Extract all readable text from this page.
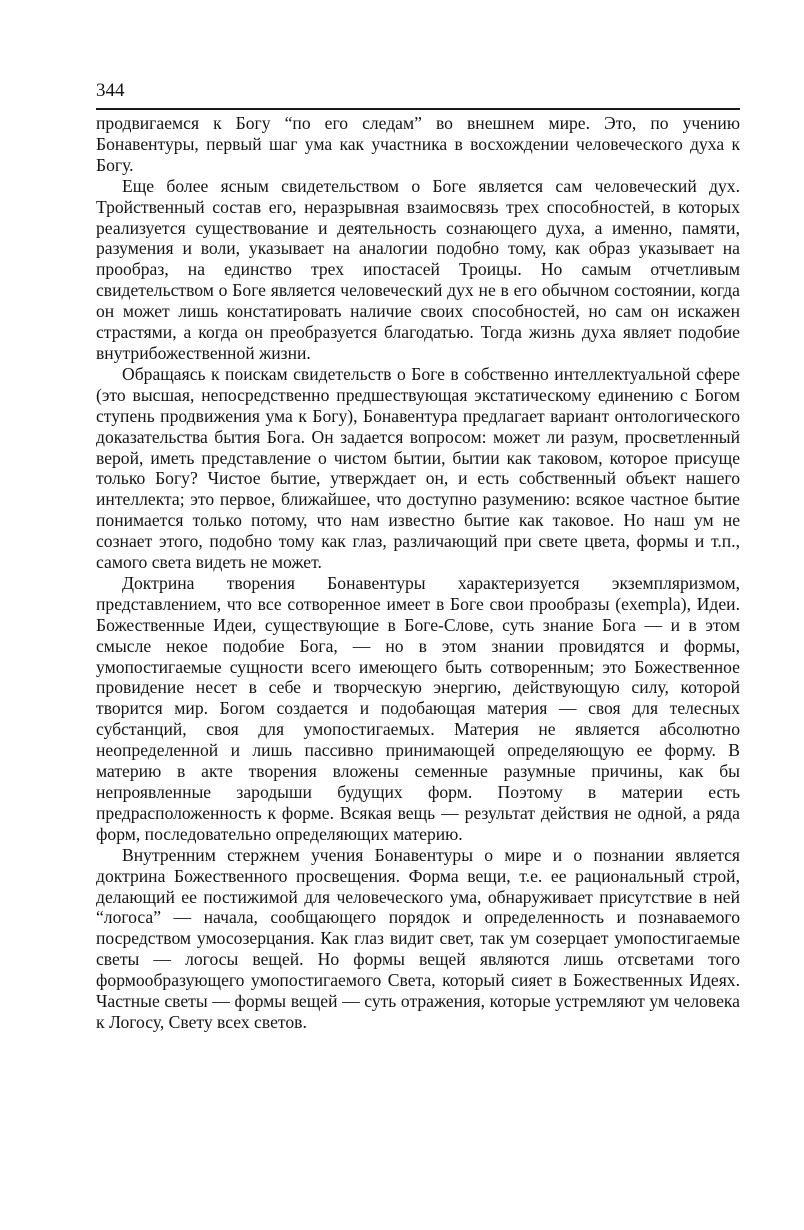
344

продвигаемся к Богу “по его следам” во внешнем мире. Это, по учению Бонавентуры, первый шаг ума как участника в восхождении человеческого духа к Богу.

Еще более ясным свидетельством о Боге является сам человеческий дух. Тройственный состав его, неразрывная взаимосвязь трех способностей, в которых реализуется существование и деятельность сознающего духа, а именно, памяти, разумения и воли, указывает на аналогии подобно тому, как образ указывает на прообраз, на единство трех ипостасей Троицы. Но самым отчетливым свидетельством о Боге является человеческий дух не в его обычном состоянии, когда он может лишь констатировать наличие своих способностей, но сам он искажен страстями, а когда он преобразуется благодатью. Тогда жизнь духа являет подобие внутрибожественной жизни.

Обращаясь к поискам свидетельств о Боге в собственно интеллектуальной сфере (это высшая, непосредственно предшествующая экстатическому единению с Богом ступень продвижения ума к Богу), Бонавентура предлагает вариант онтологического доказательства бытия Бога. Он задается вопросом: может ли разум, просветленный верой, иметь представление о чистом бытии, бытии как таковом, которое присуще только Богу? Чистое бытие, утверждает он, и есть собственный объект нашего интеллекта; это первое, ближайшее, что доступно разумению: всякое частное бытие понимается только потому, что нам известно бытие как таковое. Но наш ум не сознает этого, подобно тому как глаз, различающий при свете цвета, формы и т.п., самого света видеть не может.

Доктрина творения Бонавентуры характеризуется экземпляризмом, представлением, что все сотворенное имеет в Боге свои прообразы (exempla), Идеи. Божественные Идеи, существующие в Боге-Слове, суть знание Бога — и в этом смысле некое подобие Бога, — но в этом знании провидятся и формы, умопостигаемые сущности всего имеющего быть сотворенным; это Божественное провидение несет в себе и творческую энергию, действующую силу, которой творится мир. Богом создается и подобающая материя — своя для телесных субстанций, своя для умопостигаемых. Материя не является абсолютно неопределенной и лишь пассивно принимающей определяющую ее форму. В материю в акте творения вложены семенные разумные причины, как бы непроявленные зародыши будущих форм. Поэтому в материи есть предрасположенность к форме. Всякая вещь — результат действия не одной, а ряда форм, последовательно определяющих материю.

Внутренним стержнем учения Бонавентуры о мире и о познании является доктрина Божественного просвещения. Форма вещи, т.е. ее рациональный строй, делающий ее постижимой для человеческого ума, обнаруживает присутствие в ней “логоса” — начала, сообщающего порядок и определенность и познаваемого посредством умосозерцания. Как глаз видит свет, так ум созерцает умопостигаемые светы — логосы вещей. Но формы вещей являются лишь отсветами того формообразующего умопостигаемого Света, который сияет в Божественных Идеях. Частные светы — формы вещей — суть отражения, которые устремляют ум человека к Логосу, Свету всех светов.
